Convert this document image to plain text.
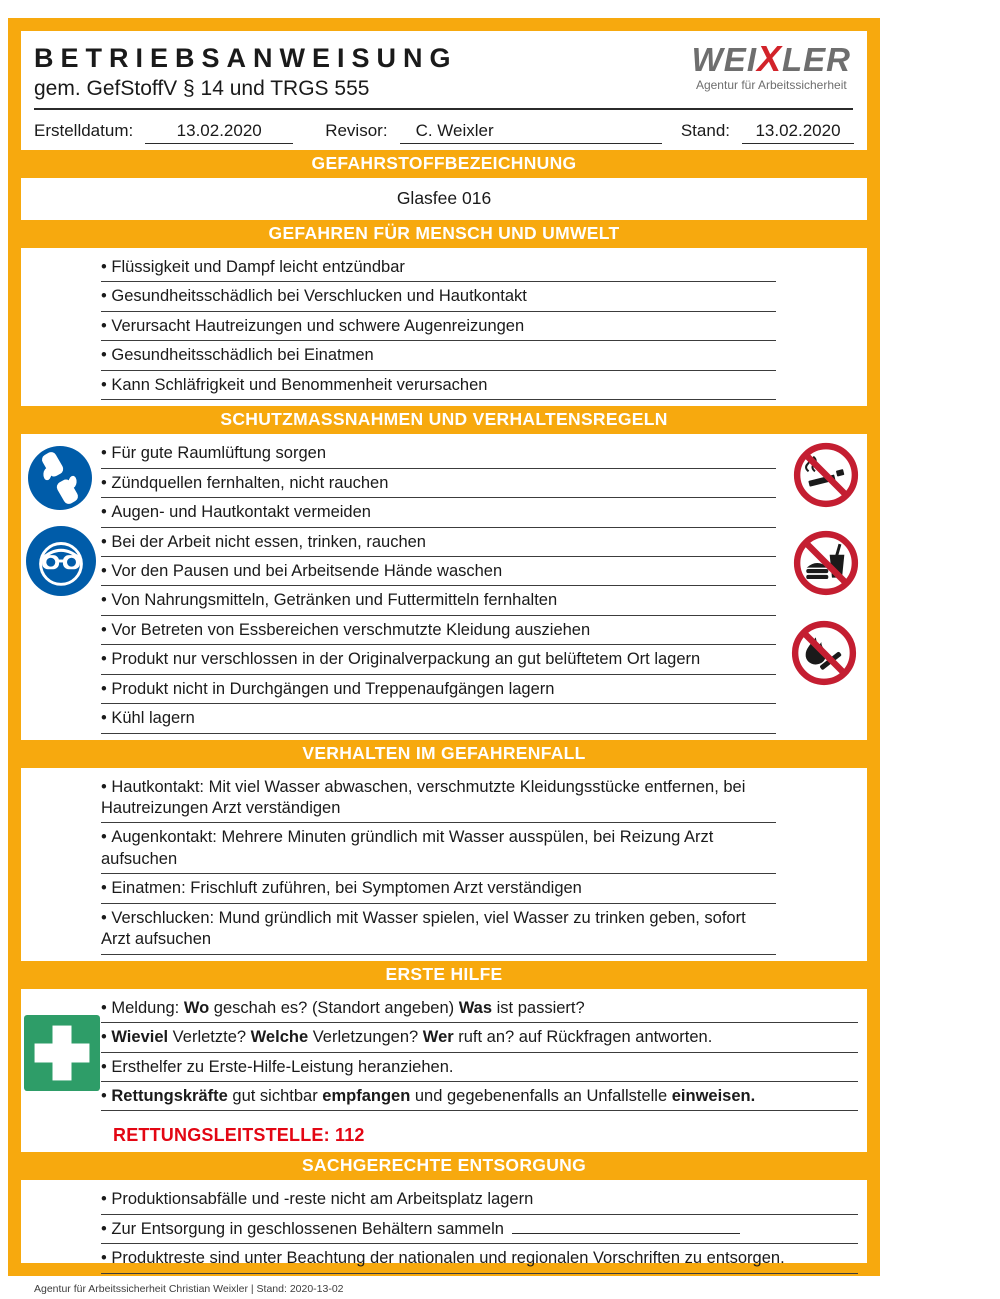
BETRIEBSANWEISUNG
gem. GefStoffV § 14 und TRGS 555
WEIXLER
Agentur für Arbeitssicherheit
Erstelldatum:	13.02.2020	Revisor:	C. Weixler	Stand:	13.02.2020
GEFAHRSTOFFBEZEICHNUNG
Glasfee 016
GEFAHREN FÜR MENSCH UND UMWELT
• Flüssigkeit und Dampf leicht entzündbar
• Gesundheitsschädlich bei Verschlucken und Hautkontakt
• Verursacht Hautreizungen und schwere Augenreizungen
• Gesundheitsschädlich bei Einatmen
• Kann Schläfrigkeit und Benommenheit verursachen
SCHUTZMASSNAHMEN UND VERHALTENSREGELN
• Für gute Raumlüftung sorgen
• Zündquellen fernhalten, nicht rauchen
• Augen- und Hautkontakt vermeiden
• Bei der Arbeit nicht essen, trinken, rauchen
• Vor den Pausen und bei Arbeitsende Hände waschen
• Von Nahrungsmitteln, Getränken und Futtermitteln fernhalten
• Vor Betreten von Essbereichen verschmutzte Kleidung ausziehen
• Produkt nur verschlossen in der Originalverpackung an gut belüftetem Ort lagern
• Produkt nicht in Durchgängen und Treppenaufgängen lagern
• Kühl lagern
VERHALTEN IM GEFAHRENFALL
• Hautkontakt: Mit viel Wasser abwaschen, verschmutzte Kleidungsstücke entfernen, bei Hautreizungen Arzt verständigen
• Augenkontakt: Mehrere Minuten gründlich mit Wasser ausspülen, bei Reizung Arzt aufsuchen
• Einatmen: Frischluft zuführen, bei Symptomen Arzt verständigen
• Verschlucken: Mund gründlich mit Wasser spielen, viel Wasser zu trinken geben, sofort Arzt aufsuchen
ERSTE HILFE
• Meldung: Wo geschah es? (Standort angeben) Was ist passiert?
• Wieviel Verletzte? Welche Verletzungen? Wer ruft an? auf Rückfragen antworten.
• Ersthelfer zu Erste-Hilfe-Leistung heranziehen.
• Rettungskräfte gut sichtbar empfangen und gegebenenfalls an Unfallstelle einweisen.
RETTUNGSLEITSTELLE: 112
SACHGERECHTE ENTSORGUNG
• Produktionsabfälle und -reste nicht am Arbeitsplatz lagern
• Zur Entsorgung in geschlossenen Behältern sammeln
• Produktreste sind unter Beachtung der nationalen und regionalen Vorschriften zu entsorgen.
Agentur für Arbeitssicherheit Christian Weixler | Stand: 2020-13-02
